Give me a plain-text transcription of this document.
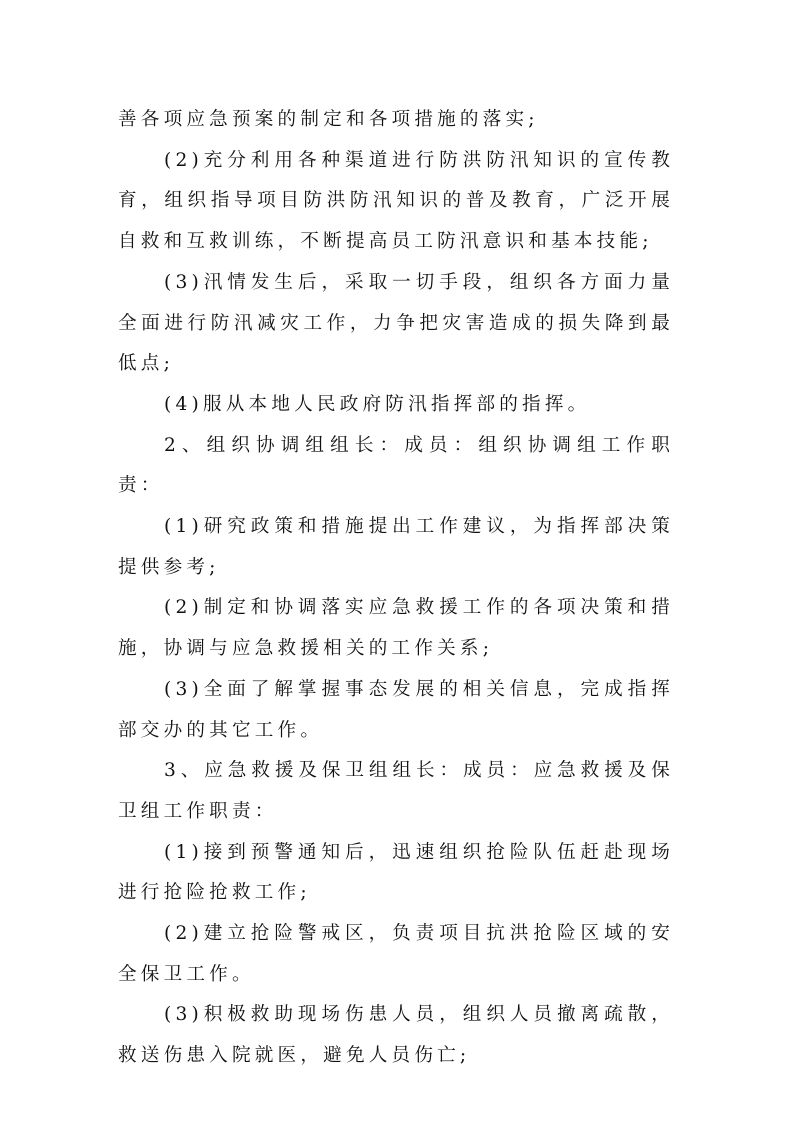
善各项应急预案的制定和各项措施的落实;

(2)充分利用各种渠道进行防洪防汛知识的宣传教育，组织指导项目防洪防汛知识的普及教育，广泛开展自救和互救训练，不断提高员工防汛意识和基本技能;

(3)汛情发生后，采取一切手段，组织各方面力量全面进行防汛减灾工作，力争把灾害造成的损失降到最低点;

(4)服从本地人民政府防汛指挥部的指挥。

2、组织协调组组长：成员：组织协调组工作职责：

(1)研究政策和措施提出工作建议，为指挥部决策提供参考;

(2)制定和协调落实应急救援工作的各项决策和措施，协调与应急救援相关的工作关系;

(3)全面了解掌握事态发展的相关信息，完成指挥部交办的其它工作。

3、应急救援及保卫组组长：成员：应急救援及保卫组工作职责：

(1)接到预警通知后，迅速组织抢险队伍赶赴现场进行抢险抢救工作;

(2)建立抢险警戒区，负责项目抗洪抢险区域的安全保卫工作。

(3)积极救助现场伤患人员，组织人员撤离疏散，救送伤患入院就医，避免人员伤亡;
